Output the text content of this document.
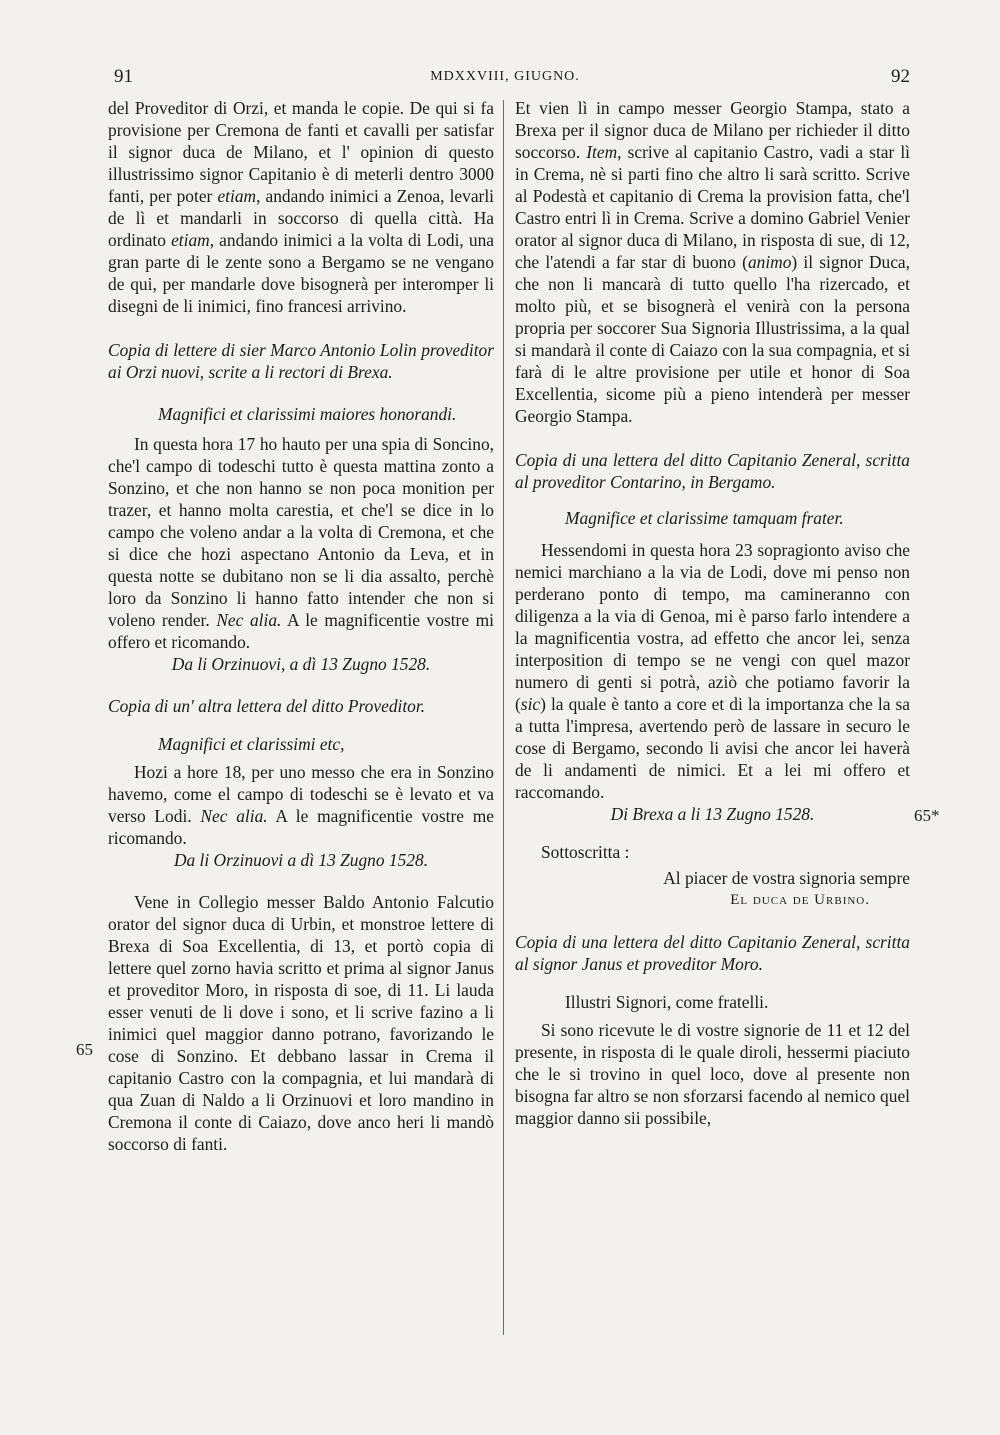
91	MDXXVIII, GIUGNO.	92
65
65*

del Proveditor di Orzi, et manda le copie. De qui si fa provisione per Cremona de fanti et cavalli per satisfar il signor duca de Milano, et l' opinion di questo illustrissimo signor Capitanio è di meterli dentro 3000 fanti, per poter etiam, andando inimici a Zenoa, levarli de lì et mandarli in soccorso di quella città. Ha ordinato etiam, andando inimici a la volta di Lodi, una gran parte di le zente sono a Bergamo se ne vengano de qui, per mandarle dove bisognerà per interomper li disegni de li inimici, fino francesi arrivino.

Copia di lettere di sier Marco Antonio Lolin proveditor ai Orzi nuovi, scrite a li rectori di Brexa.

Magnifici et clarissimi maiores honorandi.

In questa hora 17 ho hauto per una spia di Soncino, che'l campo di todeschi tutto è questa mattina zonto a Sonzino, et che non hanno se non poca monition per trazer, et hanno molta carestia, et che'l se dice in lo campo che voleno andar a la volta di Cremona, et che si dice che hozi aspectano Antonio da Leva, et in questa notte se dubitano non se li dia assalto, perchè loro da Sonzino li hanno fatto intender che non si voleno render. Nec alia. A le magnificentie vostre mi offero et ricomando.

Da li Orzinuovi, a dì 13 Zugno 1528.

Copia di un' altra lettera del ditto Proveditor.

Magnifici et clarissimi etc,

Hozi a hore 18, per uno messo che era in Sonzino havemo, come el campo di todeschi se è levato et va verso Lodi. Nec alia. A le magnificentie vostre me ricomando.

Da li Orzinuovi a dì 13 Zugno 1528.

Vene in Collegio messer Baldo Antonio Falcutio orator del signor duca di Urbin, et monstroe lettere di Brexa di Soa Excellentia, di 13, et portò copia di lettere quel zorno havia scritto et prima al signor Janus et proveditor Moro, in risposta di soe, di 11. Li lauda esser venuti de li dove i sono, et li scrive fazino a li inimici quel maggior danno potrano, favorizando le cose di Sonzino. Et debbano lassar in Crema il capitanio Castro con la compagnia, et lui mandarà di qua Zuan di Naldo a li Orzinuovi et loro mandino in Cremona il conte di Caiazo, dove anco heri li mandò soccorso di fanti.

Et vien lì in campo messer Georgio Stampa, stato a Brexa per il signor duca de Milano per richieder il ditto soccorso. Item, scrive al capitanio Castro, vadi a star lì in Crema, nè si parti fino che altro li sarà scritto. Scrive al Podestà et capitanio di Crema la provision fatta, che'l Castro entri lì in Crema. Scrive a domino Gabriel Venier orator al signor duca di Milano, in risposta di sue, di 12, che l'atendi a far star di buono (animo) il signor Duca, che non li mancarà di tutto quello l'ha rizercado, et molto più, et se bisognerà el venirà con la persona propria per soccorer Sua Signoria Illustrissima, a la qual si mandarà il conte di Caiazo con la sua compagnia, et si farà di le altre provisione per utile et honor di Soa Excellentia, sicome più a pieno intenderà per messer Georgio Stampa.

Copia di una lettera del ditto Capitanio Zeneral, scritta al proveditor Contarino, in Bergamo.

Magnifice et clarissime tamquam frater.

Hessendomi in questa hora 23 sopragionto aviso che nemici marchiano a la via de Lodi, dove mi penso non perderano ponto di tempo, ma camineranno con diligenza a la via di Genoa, mi è parso farlo intendere a la magnificentia vostra, ad effetto che ancor lei, senza interposition di tempo se ne vengi con quel mazor numero di genti si potrà, aziò che potiamo favorir la (sic) la quale è tanto a core et di la importanza che la sa a tutta l'impresa, avertendo però de lassare in securo le cose di Bergamo, secondo li avisi che ancor lei haverà de li andamenti de nimici. Et a lei mi offero et raccomando.

Di Brexa a li 13 Zugno 1528.

Sottoscritta :

Al piacer de vostra signoria sempre

El duca de Urbino.

Copia di una lettera del ditto Capitanio Zeneral, scritta al signor Janus et proveditor Moro.

Illustri Signori, come fratelli.

Si sono ricevute le di vostre signorie de 11 et 12 del presente, in risposta di le quale diroli, hessermi piaciuto che le si trovino in quel loco, dove al presente non bisogna far altro se non sforzarsi facendo al nemico quel maggior danno sii possibile,
